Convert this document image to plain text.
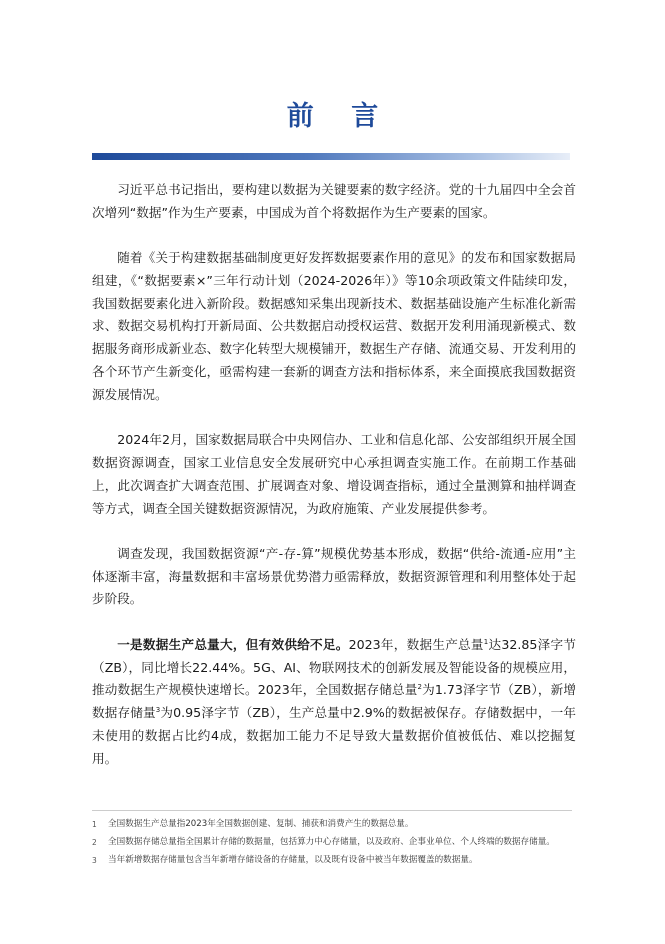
前 言

习近平总书记指出，要构建以数据为关键要素的数字经济。党的十九届四中全会首次增列“数据”作为生产要素，中国成为首个将数据作为生产要素的国家。

随着《关于构建数据基础制度更好发挥数据要素作用的意见》的发布和国家数据局组建，《“数据要素×”三年行动计划（2024-2026年）》等10余项政策文件陆续印发，我国数据要素化进入新阶段。数据感知采集出现新技术、数据基础设施产生标准化新需求、数据交易机构打开新局面、公共数据启动授权运营、数据开发利用涌现新模式、数据服务商形成新业态、数字化转型大规模铺开，数据生产存储、流通交易、开发利用的各个环节产生新变化，亟需构建一套新的调查方法和指标体系，来全面摸底我国数据资源发展情况。

2024年2月，国家数据局联合中央网信办、工业和信息化部、公安部组织开展全国数据资源调查，国家工业信息安全发展研究中心承担调查实施工作。在前期工作基础上，此次调查扩大调查范围、扩展调查对象、增设调查指标，通过全量测算和抽样调查等方式，调查全国关键数据资源情况，为政府施策、产业发展提供参考。

调查发现，我国数据资源“产-存-算”规模优势基本形成，数据“供给-流通-应用”主体逐渐丰富，海量数据和丰富场景优势潜力亟需释放，数据资源管理和利用整体处于起步阶段。

一是数据生产总量大，但有效供给不足。2023年，数据生产总量$^1$达32.85泽字节（ZB），同比增长22.44%。5G、AI、物联网技术的创新发展及智能设备的规模应用，推动数据生产规模快速增长。2023年，全国数据存储总量$^2$为1.73泽字节（ZB），新增数据存储量$^3$为0.95泽字节（ZB），生产总量中2.9%的数据被保存。存储数据中，一年未使用的数据占比约4成，数据加工能力不足导致大量数据价值被低估、难以挖掘复用。

1	全国数据生产总量指2023年全国数据创建、复制、捕获和消费产生的数据总量。
2	全国数据存储总量指全国累计存储的数据量，包括算力中心存储量，以及政府、企事业单位、个人终端的数据存储量。
3	当年新增数据存储量包含当年新增存储设备的存储量，以及既有设备中被当年数据覆盖的数据量。
